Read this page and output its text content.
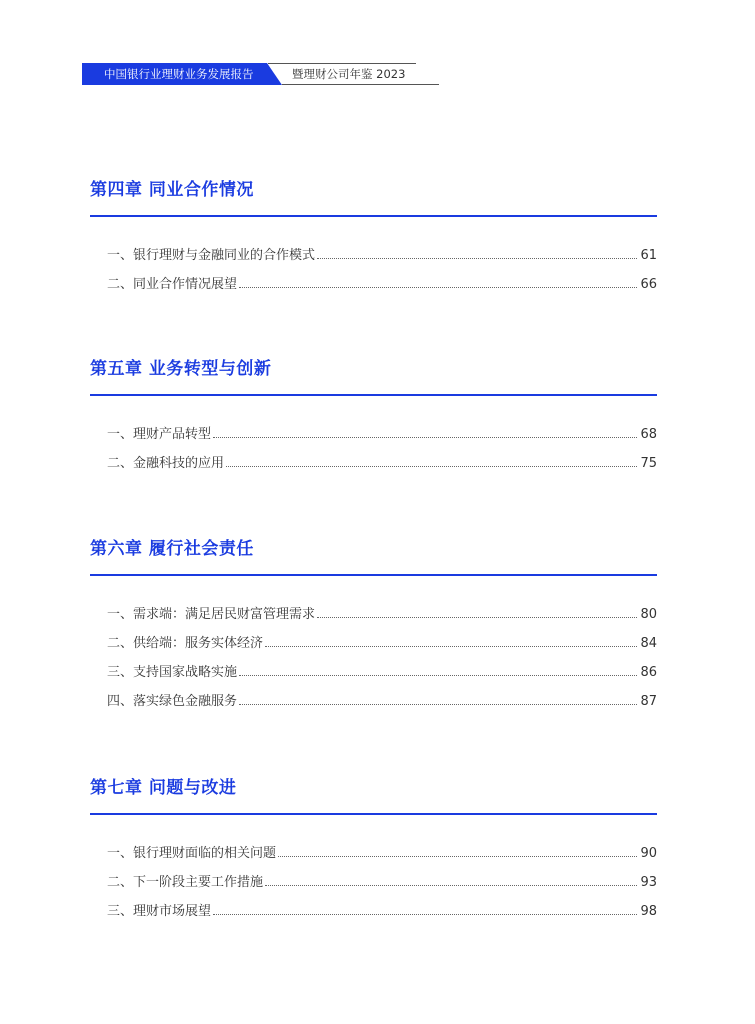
中国银行业理财业务发展报告	暨理财公司年鉴 2023
第四章 同业合作情况
一、银行理财与金融同业的合作模式	61
二、同业合作情况展望	66
第五章 业务转型与创新
一、理财产品转型	68
二、金融科技的应用	75
第六章 履行社会责任
一、需求端：满足居民财富管理需求	80
二、供给端：服务实体经济	84
三、支持国家战略实施	86
四、落实绿色金融服务	87
第七章 问题与改进
一、银行理财面临的相关问题	90
二、下一阶段主要工作措施	93
三、理财市场展望	98
